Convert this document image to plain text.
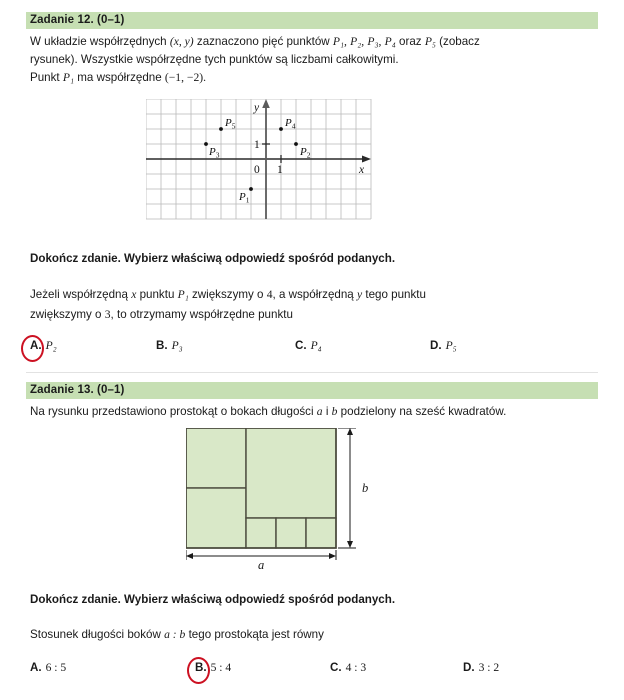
Zadanie 12. (0–1)
W układzie współrzędnych (x, y) zaznaczono pięć punktów P₁, P₂, P₃, P₄ oraz P₅ (zobacz
rysunek). Wszystkie współrzędne tych punktów są liczbami całkowitymi.
Punkt P₁ ma współrzędne (−1, −2).
$P_1$
$P_2$
$P_3$
$P_4$
$P_5$
y
x
1
1
0
Dokończ zdanie. Wybierz właściwą odpowiedź spośród podanych.
Jeżeli współrzędną x punktu P₁ zwiększymy o 4, a współrzędną y tego punktu
zwiększymy o 3, to otrzymamy współrzędne punktu
A. P₂	B. P₃	C. P₄	D. P₅
Zadanie 13. (0–1)
Na rysunku przedstawiono prostokąt o bokach długości a i b podzielony na sześć kwadratów.
b
a
Dokończ zdanie. Wybierz właściwą odpowiedź spośród podanych.
Stosunek długości boków a : b tego prostokąta jest równy
A. 6 : 5	B. 5 : 4	C. 4 : 3	D. 3 : 2
